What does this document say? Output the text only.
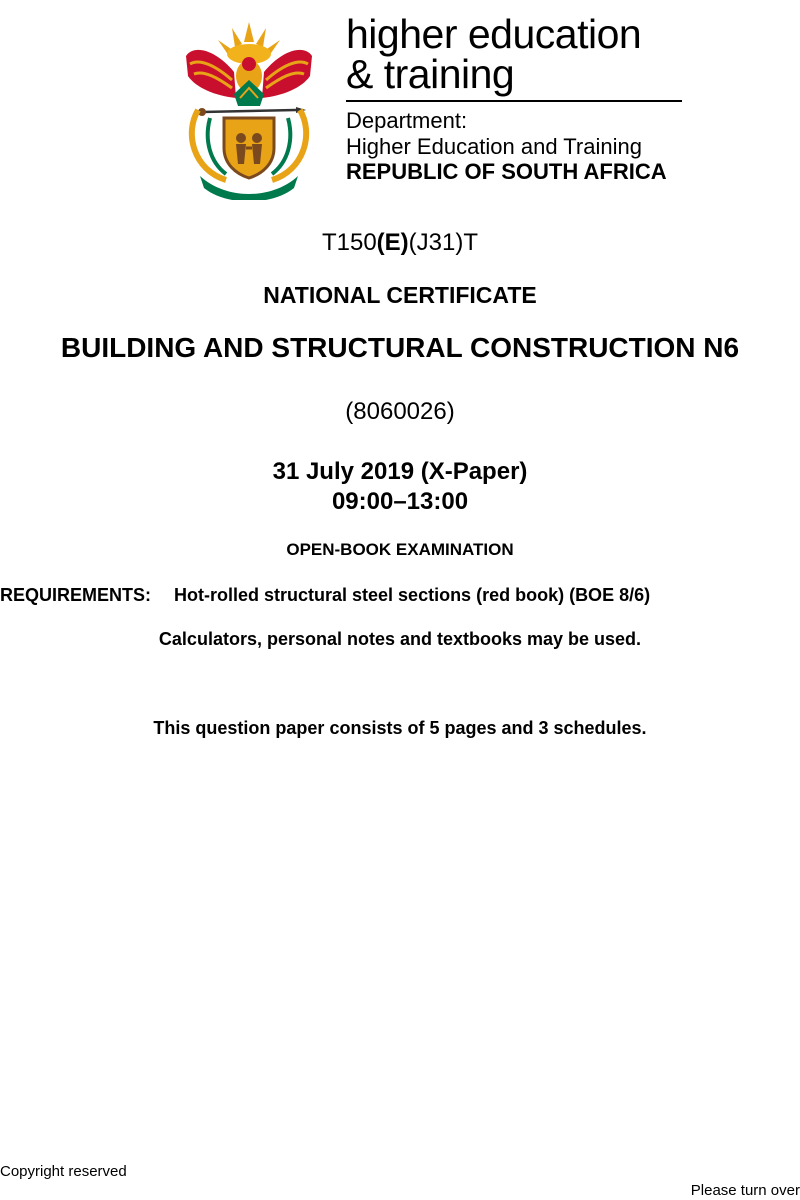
higher education
& training
Department:
Higher Education and Training
REPUBLIC OF SOUTH AFRICA
T150(E)(J31)T
NATIONAL CERTIFICATE
BUILDING AND STRUCTURAL CONSTRUCTION N6
(8060026)
31 July 2019 (X-Paper)
09:00–13:00
OPEN-BOOK EXAMINATION
REQUIREMENTS: Hot-rolled structural steel sections (red book) (BOE 8/6)
Calculators, personal notes and textbooks may be used.
This question paper consists of 5 pages and 3 schedules.
Copyright reserved
Please turn over
